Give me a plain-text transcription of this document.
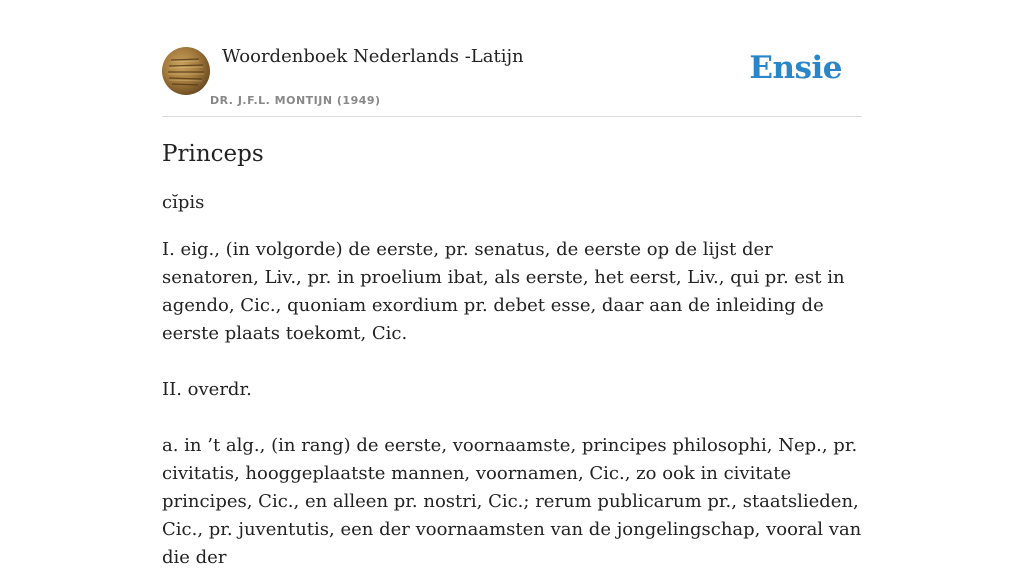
Woordenboek Nederlands -Latijn
DR. J.F.L. MONTIJN (1949)
Ensie
Princeps
cĭpis

I. eig., (in volgorde) de eerste, pr. senatus, de eerste op de lijst der senatoren, Liv., pr. in proelium ibat, als eerste, het eerst, Liv., qui pr. est in agendo, Cic., quoniam exordium pr. debet esse, daar aan de inleiding de eerste plaats toekomt, Cic.

II. overdr.

a. in ’t alg., (in rang) de eerste, voornaamste, principes philosophi, Nep., pr. civitatis, hooggeplaatste mannen, voornamen, Cic., zo ook in civitate principes, Cic., en alleen pr. nostri, Cic.; rerum publicarum pr., staatslieden, Cic., pr. juventutis, een der voornaamsten van de jongelingschap, vooral van die der
